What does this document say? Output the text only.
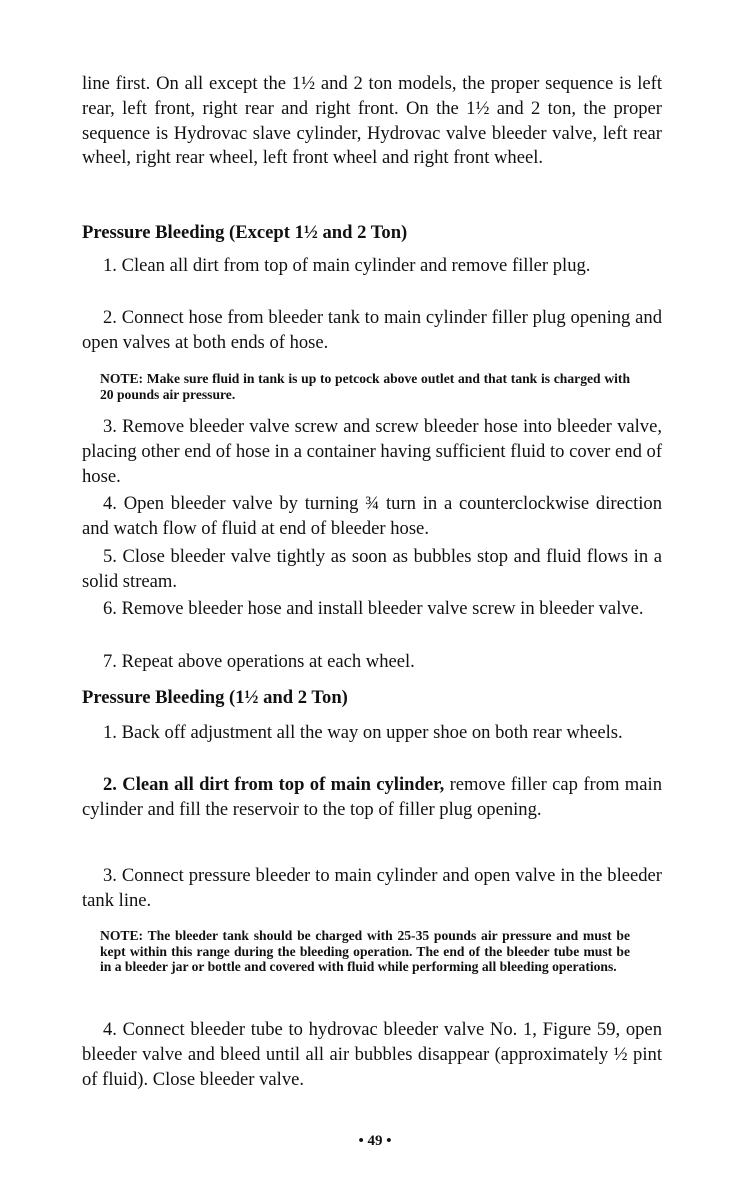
line first. On all except the 1½ and 2 ton models, the proper sequence is left rear, left front, right rear and right front. On the 1½ and 2 ton, the proper sequence is Hydrovac slave cylinder, Hydrovac valve bleeder valve, left rear wheel, right rear wheel, left front wheel and right front wheel.

Pressure Bleeding (Except 1½ and 2 Ton)

1. Clean all dirt from top of main cylinder and remove filler plug.

2. Connect hose from bleeder tank to main cylinder filler plug opening and open valves at both ends of hose.

NOTE: Make sure fluid in tank is up to petcock above outlet and that tank is charged with 20 pounds air pressure.

3. Remove bleeder valve screw and screw bleeder hose into bleeder valve, placing other end of hose in a container having sufficient fluid to cover end of hose.

4. Open bleeder valve by turning ¾ turn in a counterclockwise direction and watch flow of fluid at end of bleeder hose.

5. Close bleeder valve tightly as soon as bubbles stop and fluid flows in a solid stream.

6. Remove bleeder hose and install bleeder valve screw in bleeder valve.

7. Repeat above operations at each wheel.

Pressure Bleeding (1½ and 2 Ton)

1. Back off adjustment all the way on upper shoe on both rear wheels.

2. Clean all dirt from top of main cylinder, remove filler cap from main cylinder and fill the reservoir to the top of filler plug opening.

3. Connect pressure bleeder to main cylinder and open valve in the bleeder tank line.

NOTE: The bleeder tank should be charged with 25-35 pounds air pressure and must be kept within this range during the bleeding operation. The end of the bleeder tube must be in a bleeder jar or bottle and covered with fluid while performing all bleeding operations.

4. Connect bleeder tube to hydrovac bleeder valve No. 1, Figure 59, open bleeder valve and bleed until all air bubbles disappear (approximately ½ pint of fluid). Close bleeder valve.

• 49 •
